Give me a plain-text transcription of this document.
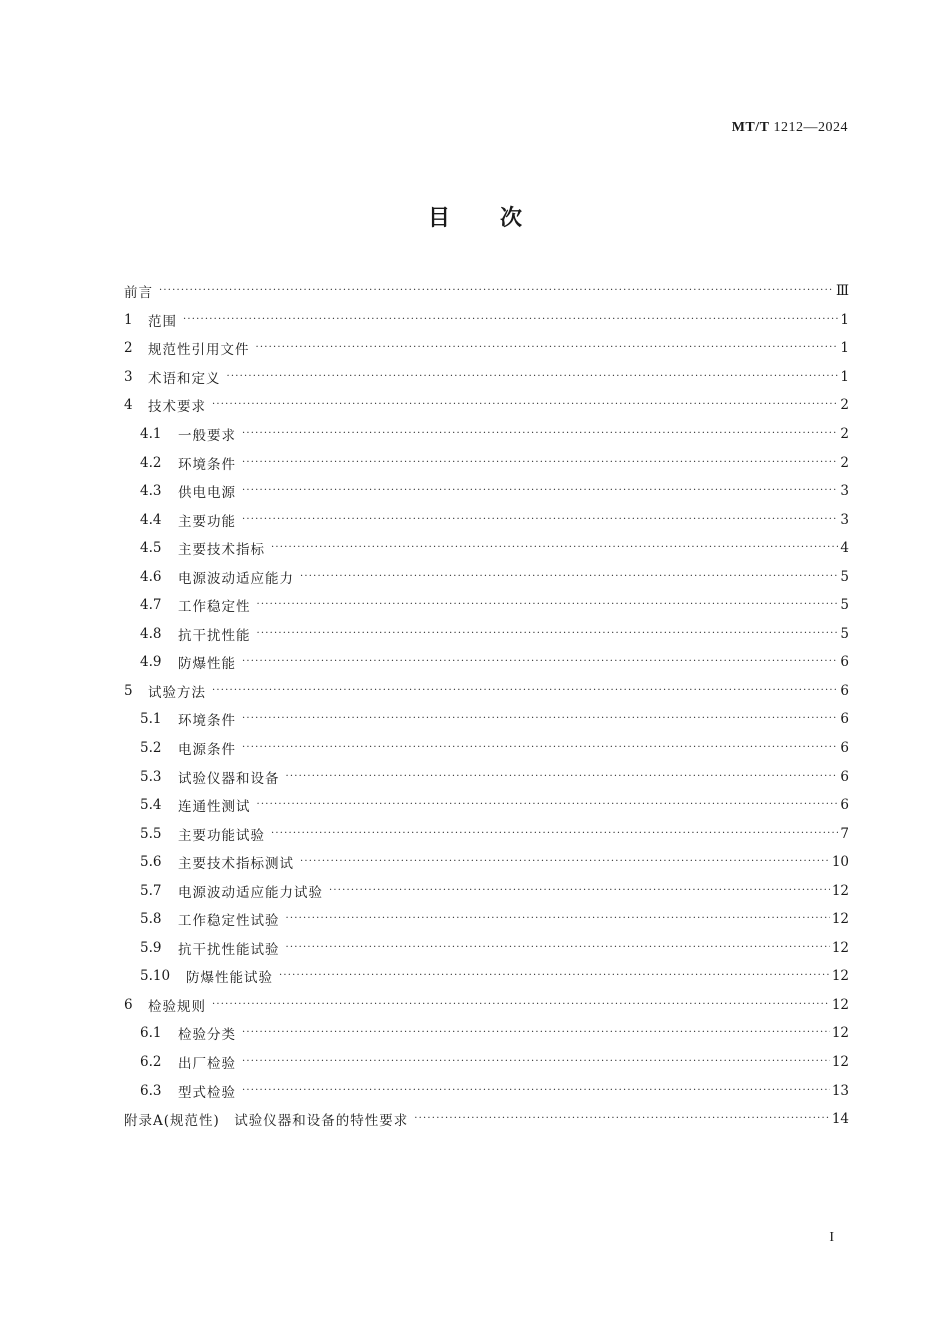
MT/T 1212—2024
目 次
前言 ·····	Ⅲ
1	范围 ·····	1
2	规范性引用文件 ·····	1
3	术语和定义 ·····	1
4	技术要求 ·····	2
4.1	一般要求 ·····	2
4.2	环境条件 ·····	2
4.3	供电电源 ·····	3
4.4	主要功能 ·····	3
4.5	主要技术指标 ·····	4
4.6	电源波动适应能力 ·····	5
4.7	工作稳定性 ·····	5
4.8	抗干扰性能 ·····	5
4.9	防爆性能 ·····	6
5	试验方法 ·····	6
5.1	环境条件 ·····	6
5.2	电源条件 ·····	6
5.3	试验仪器和设备 ·····	6
5.4	连通性测试 ·····	6
5.5	主要功能试验 ·····	7
5.6	主要技术指标测试 ·····	10
5.7	电源波动适应能力试验 ·····	12
5.8	工作稳定性试验 ·····	12
5.9	抗干扰性能试验 ·····	12
5.10	防爆性能试验 ·····	12
6	检验规则 ·····	12
6.1	检验分类 ·····	12
6.2	出厂检验 ·····	12
6.3	型式检验 ·····	13
附录A(规范性)　试验仪器和设备的特性要求 ·····	14
I
